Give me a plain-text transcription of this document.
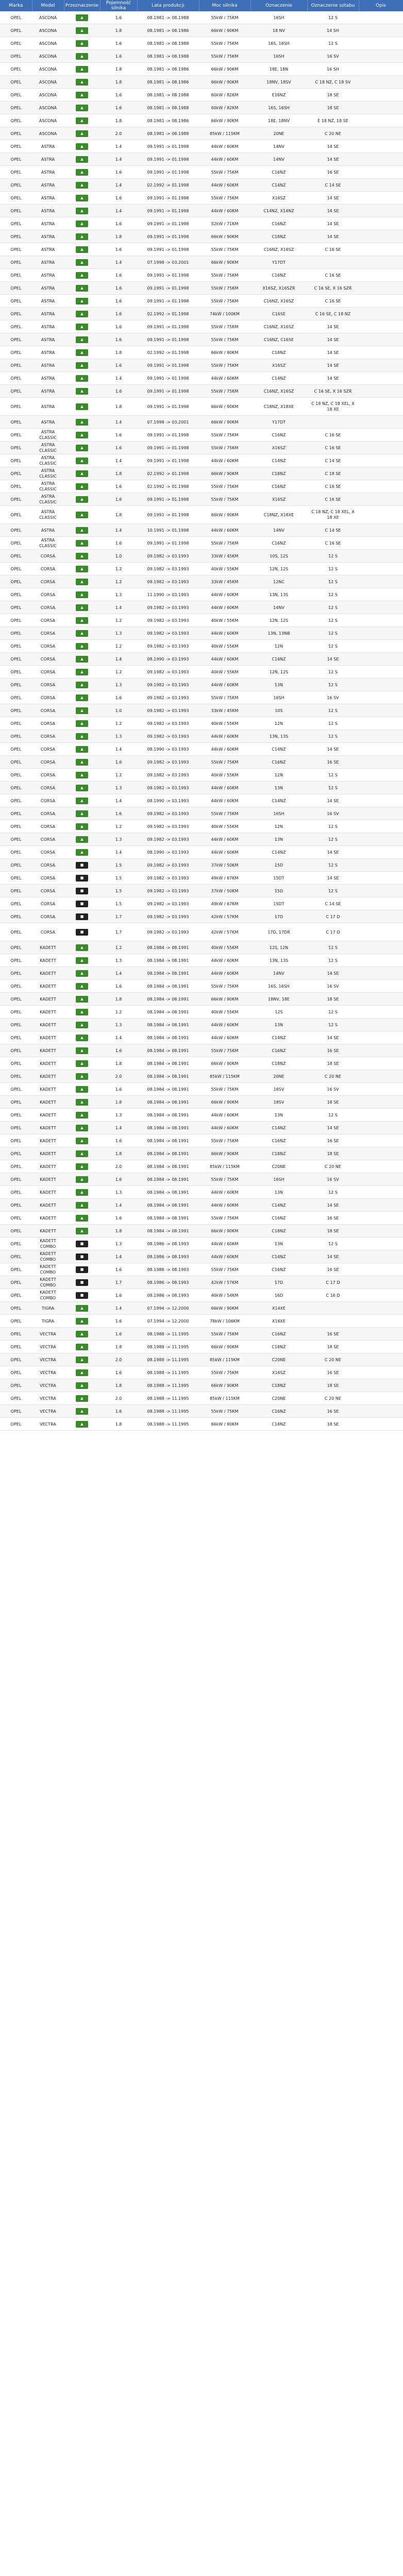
Marka	Model	Przeznaczenie	Pojemność silnika	Lata produkcji	Moc silnika	Oznaczenie	Oznaczenie sztabu	Opis
OPEL	ASCONA	▲	1.6	08.1981 -> 08.1988	55kW / 75KM	16SH	12 S	
OPEL	ASCONA	▲	1.8	08.1981 -> 08.1986	66kW / 90KM	18 NV	14 SH	
OPEL	ASCONA	▲	1.6	08.1981 -> 08.1988	55kW / 75KM	16S, 16SH	12 S	
OPEL	ASCONA	▲	1.6	08.1981 -> 08.1988	55kW / 75KM	16SH	16 SV	
OPEL	ASCONA	▲	1.8	08.1981 -> 08.1986	66kW / 90KM	18E, 18N	16 SH	
OPEL	ASCONA	▲	1.8	08.1981 -> 08.1986	66kW / 90KM	18NV, 18SV	C 18 NZ, C 18 SV	
OPEL	ASCONA	▲	1.6	08.1981 -> 08.1988	60kW / 82KM	E16NZ	18 SE	
OPEL	ASCONA	▲	1.6	08.1981 -> 08.1988	60kW / 82KM	16S, 16SH	18 SE	
OPEL	ASCONA	▲	1.8	08.1981 -> 08.1986	66kW / 90KM	18E, 18NV	E 18 NZ, 18 SE	
OPEL	ASCONA	▲	2.0	08.1981 -> 08.1988	85kW / 115KM	20NE	C 20 NE	
OPEL	ASTRA	▲	1.4	09.1991 -> 01.1998	44kW / 60KM	14NV	14 SE	
OPEL	ASTRA	▲	1.4	09.1991 -> 01.1998	44kW / 60KM	14NV	14 SE	
OPEL	ASTRA	▲	1.6	09.1991 -> 01.1998	55kW / 75KM	C16NZ	16 SE	
OPEL	ASTRA	▲	1.4	02.1992 -> 01.1998	44kW / 60KM	C14NZ	C 14 SE	
OPEL	ASTRA	▲	1.6	09.1991 -> 01.1998	55kW / 75KM	X16SZ	14 SE	
OPEL	ASTRA	▲	1.4	09.1991 -> 01.1998	44kW / 60KM	C14NZ, X14NZ	14 SE	
OPEL	ASTRA	▲	1.6	09.1991 -> 01.1998	52kW / 71KM	C16NZ	14 SE	
OPEL	ASTRA	▲	1.8	09.1991 -> 01.1998	66kW / 90KM	C18NZ	14 SE	
OPEL	ASTRA	▲	1.6	09.1991 -> 01.1998	55kW / 75KM	C16NZ, X16SZ	C 16 SE	
OPEL	ASTRA	▲	1.4	07.1998 -> 03.2001	66kW / 90KM	Y17DT		
OPEL	ASTRA	▲	1.6	09.1991 -> 01.1998	55kW / 75KM	C16NZ	C 16 SE	
OPEL	ASTRA	▲	1.6	09.1991 -> 01.1998	55kW / 75KM	X16SZ, X16SZR	C 16 SE, X 16 SZR	
OPEL	ASTRA	▲	1.6	09.1991 -> 01.1998	55kW / 75KM	C16NZ, X16SZ	C 16 SE	
OPEL	ASTRA	▲	1.6	02.1992 -> 01.1998	74kW / 100KM	C16SE	C 16 SE, C 18 NZ	
OPEL	ASTRA	▲	1.6	09.1991 -> 01.1998	55kW / 75KM	C16NZ, X16SZ	14 SE	
OPEL	ASTRA	▲	1.6	09.1991 -> 01.1998	55kW / 75KM	C16NZ, C16SE	14 SE	
OPEL	ASTRA	▲	1.8	02.1992 -> 01.1998	66kW / 90KM	C18NZ	14 SE	
OPEL	ASTRA	▲	1.6	09.1991 -> 01.1998	55kW / 75KM	X16SZ	14 SE	
OPEL	ASTRA	▲	1.4	09.1991 -> 01.1998	44kW / 60KM	C14NZ	14 SE	
OPEL	ASTRA	▲	1.6	09.1991 -> 01.1998	55kW / 75KM	C16NZ, X16SZ	C 16 SE, X 16 SZR	
OPEL	ASTRA	▲	1.8	09.1991 -> 01.1998	66kW / 90KM	C18NZ, X18XE	C 18 NZ, C 18 XEL, X 18 XE	
OPEL	ASTRA	▲	1.4	07.1998 -> 03.2001	66kW / 90KM	Y17DT		
OPEL	ASTRA CLASSIC	▲	1.6	09.1991 -> 01.1998	55kW / 75KM	C16NZ	C 16 SE	
OPEL	ASTRA CLASSIC	▲	1.6	09.1991 -> 01.1998	55kW / 75KM	X16SZ	C 16 SE	
OPEL	ASTRA CLASSIC	▲	1.4	09.1991 -> 01.1998	44kW / 60KM	C14NZ	C 14 SE	
OPEL	ASTRA CLASSIC	▲	1.8	02.1992 -> 01.1998	66kW / 90KM	C18NZ	C 18 SE	
OPEL	ASTRA CLASSIC	▲	1.6	02.1992 -> 01.1998	55kW / 75KM	C16NZ	C 16 SE	
OPEL	ASTRA CLASSIC	▲	1.6	09.1991 -> 01.1998	55kW / 75KM	X16SZ	C 16 SE	
OPEL	ASTRA CLASSIC	▲	1.8	09.1991 -> 01.1998	66kW / 90KM	C18NZ, X18XE	C 18 NZ, C 18 XEL, X 18 XE	
OPEL	ASTRA	▲	1.4	10.1991 -> 01.1998	44kW / 60KM	14NV	C 14 SE	
OPEL	ASTRA CLASSIC	▲	1.6	09.1991 -> 01.1998	55kW / 75KM	C16NZ	C 16 SE	
OPEL	CORSA	▲	1.0	09.1982 -> 03.1993	33kW / 45KM	10S, 12S	12 S	
OPEL	CORSA	▲	1.2	09.1982 -> 03.1993	40kW / 55KM	12N, 12S	12 S	
OPEL	CORSA	▲	1.2	09.1982 -> 03.1993	33kW / 45KM	12NC	12 S	
OPEL	CORSA	▲	1.3	11.1990 -> 03.1993	44kW / 60KM	13N, 13S	12 S	
OPEL	CORSA	▲	1.4	09.1982 -> 03.1993	44kW / 60KM	14NV	12 S	
OPEL	CORSA	▲	1.2	09.1982 -> 03.1993	40kW / 55KM	12N, 12S	12 S	
OPEL	CORSA	▲	1.3	09.1982 -> 03.1993	44kW / 60KM	13N, 13NB	12 S	
OPEL	CORSA	▲	1.2	09.1982 -> 03.1993	40kW / 55KM	12N	12 S	
OPEL	CORSA	▲	1.4	08.1990 -> 03.1993	44kW / 60KM	C14NZ	14 SE	
OPEL	CORSA	▲	1.2	09.1982 -> 03.1993	40kW / 55KM	12N, 12S	12 S	
OPEL	CORSA	▲	1.3	09.1982 -> 03.1993	44kW / 60KM	13N	12 S	
OPEL	CORSA	▲	1.6	09.1982 -> 03.1993	55kW / 75KM	16SH	16 SV	
OPEL	CORSA	▲	1.0	09.1982 -> 03.1993	33kW / 45KM	10S	12 S	
OPEL	CORSA	▲	1.2	09.1982 -> 03.1993	40kW / 55KM	12N	12 S	
OPEL	CORSA	▲	1.3	09.1982 -> 03.1993	44kW / 60KM	13N, 13S	12 S	
OPEL	CORSA	▲	1.4	08.1990 -> 03.1993	44kW / 60KM	C14NZ	14 SE	
OPEL	CORSA	▲	1.6	09.1982 -> 03.1993	55kW / 75KM	C16NZ	16 SE	
OPEL	CORSA	▲	1.2	09.1982 -> 03.1993	40kW / 55KM	12N	12 S	
OPEL	CORSA	▲	1.3	09.1982 -> 03.1993	44kW / 60KM	13N	12 S	
OPEL	CORSA	▲	1.4	08.1990 -> 03.1993	44kW / 60KM	C14NZ	14 SE	
OPEL	CORSA	▲	1.6	09.1982 -> 03.1993	55kW / 75KM	16SH	16 SV	
OPEL	CORSA	▲	1.2	09.1982 -> 03.1993	40kW / 55KM	12N	12 S	
OPEL	CORSA	▲	1.3	09.1982 -> 03.1993	44kW / 60KM	13N	12 S	
OPEL	CORSA	▲	1.4	08.1990 -> 03.1993	44kW / 60KM	C14NZ	14 SE	
OPEL	CORSA	■	1.5	09.1982 -> 03.1993	37kW / 50KM	15D	12 S	
OPEL	CORSA	■	1.5	09.1982 -> 03.1993	49kW / 67KM	15DT	14 SE	
OPEL	CORSA	■	1.5	09.1982 -> 03.1993	37kW / 50KM	15D	12 S	
OPEL	CORSA	■	1.5	09.1982 -> 03.1993	49kW / 67KM	15DT	C 14 SE	
OPEL	CORSA	■	1.7	09.1982 -> 03.1993	42kW / 57KM	17D	C 17 D	
OPEL	CORSA	■	1.7	09.1982 -> 03.1993	42kW / 57KM	17D, 17DR	C 17 D	
OPEL	KADETT	▲	1.2	08.1984 -> 08.1991	40kW / 55KM	12S, 12N	12 S	
OPEL	KADETT	▲	1.3	08.1984 -> 08.1991	44kW / 60KM	13N, 13S	12 S	
OPEL	KADETT	▲	1.4	08.1984 -> 08.1991	44kW / 60KM	14NV	14 SE	
OPEL	KADETT	▲	1.6	08.1984 -> 08.1991	55kW / 75KM	16S, 16SH	16 SV	
OPEL	KADETT	▲	1.8	08.1984 -> 08.1991	66kW / 90KM	18NV, 18E	18 SE	
OPEL	KADETT	▲	1.2	08.1984 -> 08.1991	40kW / 55KM	12S	12 S	
OPEL	KADETT	▲	1.3	08.1984 -> 08.1991	44kW / 60KM	13N	12 S	
OPEL	KADETT	▲	1.4	08.1984 -> 08.1991	44kW / 60KM	C14NZ	14 SE	
OPEL	KADETT	▲	1.6	08.1984 -> 08.1991	55kW / 75KM	C16NZ	16 SE	
OPEL	KADETT	▲	1.8	08.1984 -> 08.1991	66kW / 90KM	C18NZ	18 SE	
OPEL	KADETT	▲	2.0	08.1984 -> 08.1991	85kW / 115KM	20NE	C 20 NE	
OPEL	KADETT	▲	1.6	08.1984 -> 08.1991	55kW / 75KM	16SV	16 SV	
OPEL	KADETT	▲	1.8	08.1984 -> 08.1991	66kW / 90KM	18SV	18 SE	
OPEL	KADETT	▲	1.3	08.1984 -> 08.1991	44kW / 60KM	13N	12 S	
OPEL	KADETT	▲	1.4	08.1984 -> 08.1991	44kW / 60KM	C14NZ	14 SE	
OPEL	KADETT	▲	1.6	08.1984 -> 08.1991	55kW / 75KM	C16NZ	16 SE	
OPEL	KADETT	▲	1.8	08.1984 -> 08.1991	66kW / 90KM	C18NZ	18 SE	
OPEL	KADETT	▲	2.0	08.1984 -> 08.1991	85kW / 115KM	C20NE	C 20 NE	
OPEL	KADETT	▲	1.6	08.1984 -> 08.1991	55kW / 75KM	16SH	16 SV	
OPEL	KADETT	▲	1.3	08.1984 -> 08.1991	44kW / 60KM	13N	12 S	
OPEL	KADETT	▲	1.4	08.1984 -> 08.1991	44kW / 60KM	C14NZ	14 SE	
OPEL	KADETT	▲	1.6	08.1984 -> 08.1991	55kW / 75KM	C16NZ	16 SE	
OPEL	KADETT	▲	1.8	08.1984 -> 08.1991	66kW / 90KM	C18NZ	18 SE	
OPEL	KADETT COMBO	■	1.3	08.1986 -> 08.1993	44kW / 60KM	13N	12 S	
OPEL	KADETT COMBO	■	1.4	08.1986 -> 08.1993	44kW / 60KM	C14NZ	14 SE	
OPEL	KADETT COMBO	■	1.6	08.1986 -> 08.1993	55kW / 75KM	C16NZ	16 SE	
OPEL	KADETT COMBO	■	1.7	08.1986 -> 08.1993	42kW / 57KM	17D	C 17 D	
OPEL	KADETT COMBO	■	1.6	08.1986 -> 08.1993	40kW / 54KM	16D	C 16 D	
OPEL	TIGRA	▲	1.4	07.1994 -> 12.2000	66kW / 90KM	X14XE		
OPEL	TIGRA	▲	1.6	07.1994 -> 12.2000	78kW / 106KM	X16XE		
OPEL	VECTRA	▲	1.6	08.1988 -> 11.1995	55kW / 75KM	C16NZ	16 SE	
OPEL	VECTRA	▲	1.8	08.1988 -> 11.1995	66kW / 90KM	C18NZ	18 SE	
OPEL	VECTRA	▲	2.0	08.1988 -> 11.1995	85kW / 115KM	C20NE	C 20 NE	
OPEL	VECTRA	▲	1.6	08.1988 -> 11.1995	55kW / 75KM	X16SZ	16 SE	
OPEL	VECTRA	▲	1.8	08.1988 -> 11.1995	66kW / 90KM	C18NZ	18 SE	
OPEL	VECTRA	▲	2.0	08.1988 -> 11.1995	85kW / 115KM	C20NE	C 20 NE	
OPEL	VECTRA	▲	1.6	08.1988 -> 11.1995	55kW / 75KM	C16NZ	16 SE	
OPEL	VECTRA	▲	1.8	08.1988 -> 11.1995	66kW / 90KM	C18NZ	18 SE	
